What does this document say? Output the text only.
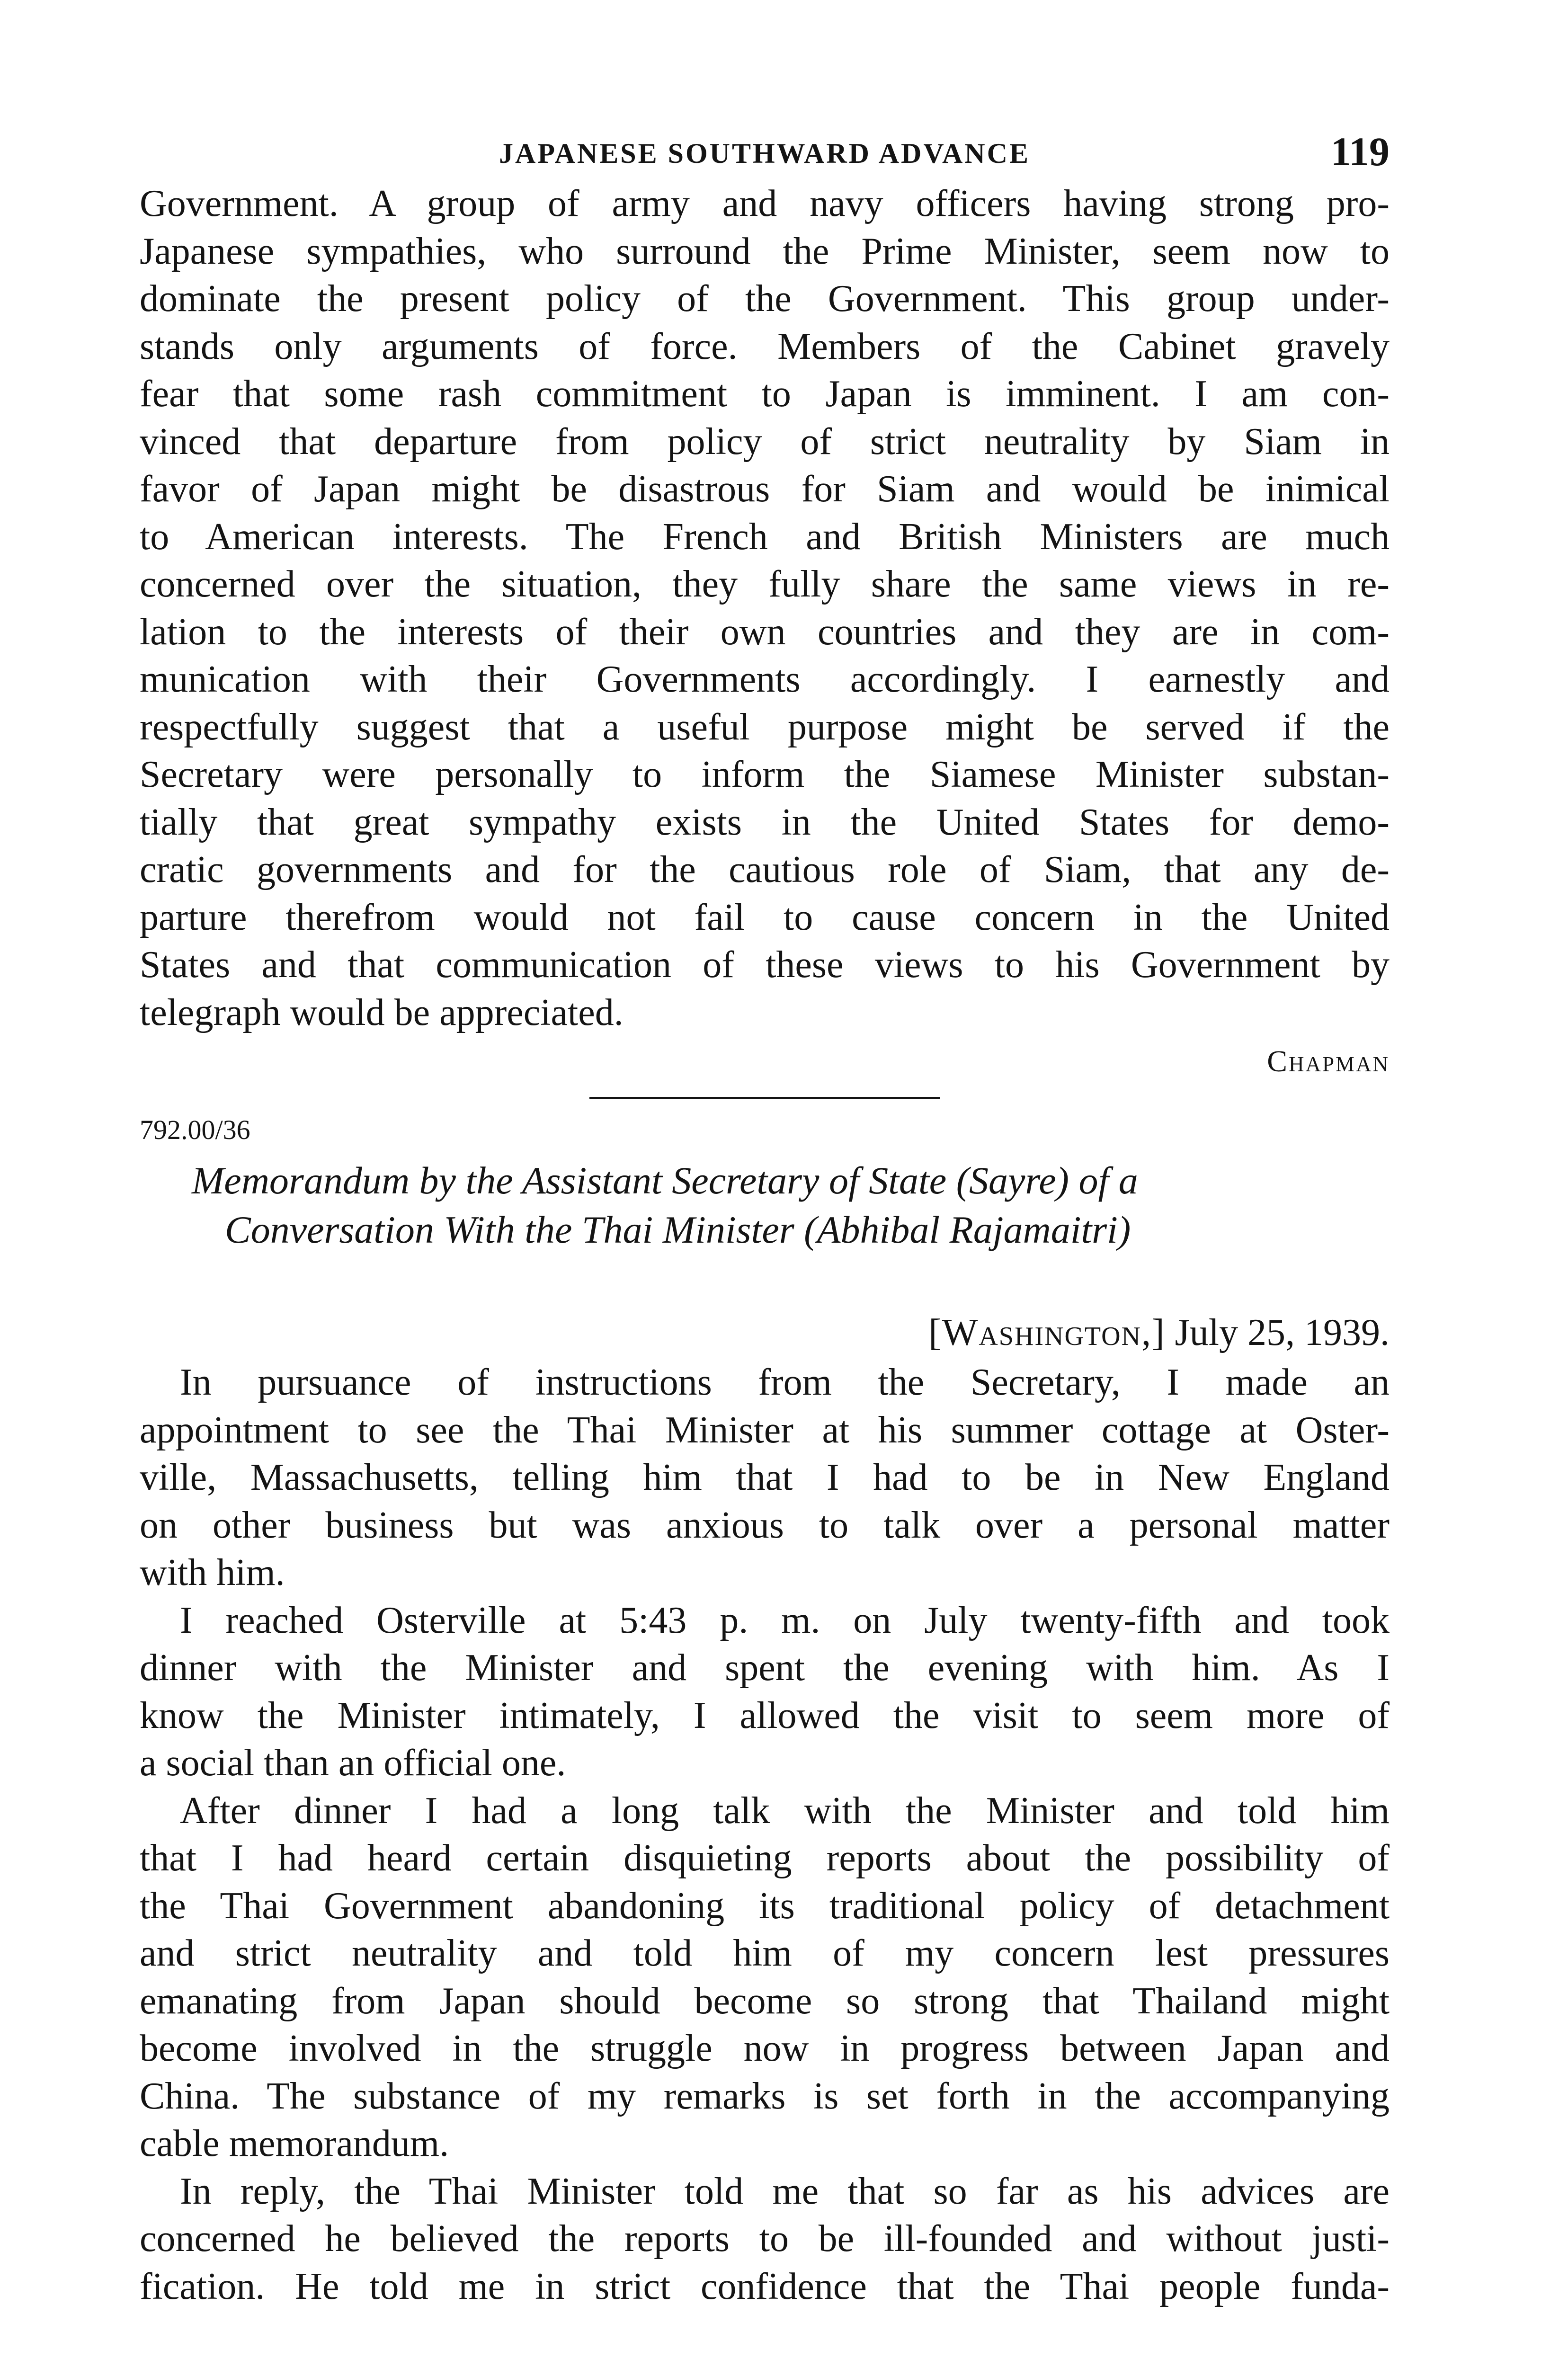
JAPANESE SOUTHWARD ADVANCE	119

Government. A group of army and navy officers having strong pro-
Japanese sympathies, who surround the Prime Minister, seem now to
dominate the present policy of the Government. This group under-
stands only arguments of force. Members of the Cabinet gravely
fear that some rash commitment to Japan is imminent. I am con-
vinced that departure from policy of strict neutrality by Siam in
favor of Japan might be disastrous for Siam and would be inimical
to American interests. The French and British Ministers are much
concerned over the situation, they fully share the same views in re-
lation to the interests of their own countries and they are in com-
munication with their Governments accordingly. I earnestly and
respectfully suggest that a useful purpose might be served if the
Secretary were personally to inform the Siamese Minister substan-
tially that great sympathy exists in the United States for demo-
cratic governments and for the cautious role of Siam, that any de-
parture therefrom would not fail to cause concern in the United
States and that communication of these views to his Government by
telegraph would be appreciated.

Chapman
792.00/36
Memorandum by the Assistant Secretary of State (Sayre) of a
Conversation With the Thai Minister (Abhibal Rajamaitri)
[Washington,] July 25, 1939.

In pursuance of instructions from the Secretary, I made an
appointment to see the Thai Minister at his summer cottage at Oster-
ville, Massachusetts, telling him that I had to be in New England
on other business but was anxious to talk over a personal matter
with him.

I reached Osterville at 5:43 p. m. on July twenty-fifth and took
dinner with the Minister and spent the evening with him. As I
know the Minister intimately, I allowed the visit to seem more of
a social than an official one.

After dinner I had a long talk with the Minister and told him
that I had heard certain disquieting reports about the possibility of
the Thai Government abandoning its traditional policy of detachment
and strict neutrality and told him of my concern lest pressures
emanating from Japan should become so strong that Thailand might
become involved in the struggle now in progress between Japan and
China. The substance of my remarks is set forth in the accompanying
cable memorandum.

In reply, the Thai Minister told me that so far as his advices are
concerned he believed the reports to be ill-founded and without justi-
fication. He told me in strict confidence that the Thai people funda-
